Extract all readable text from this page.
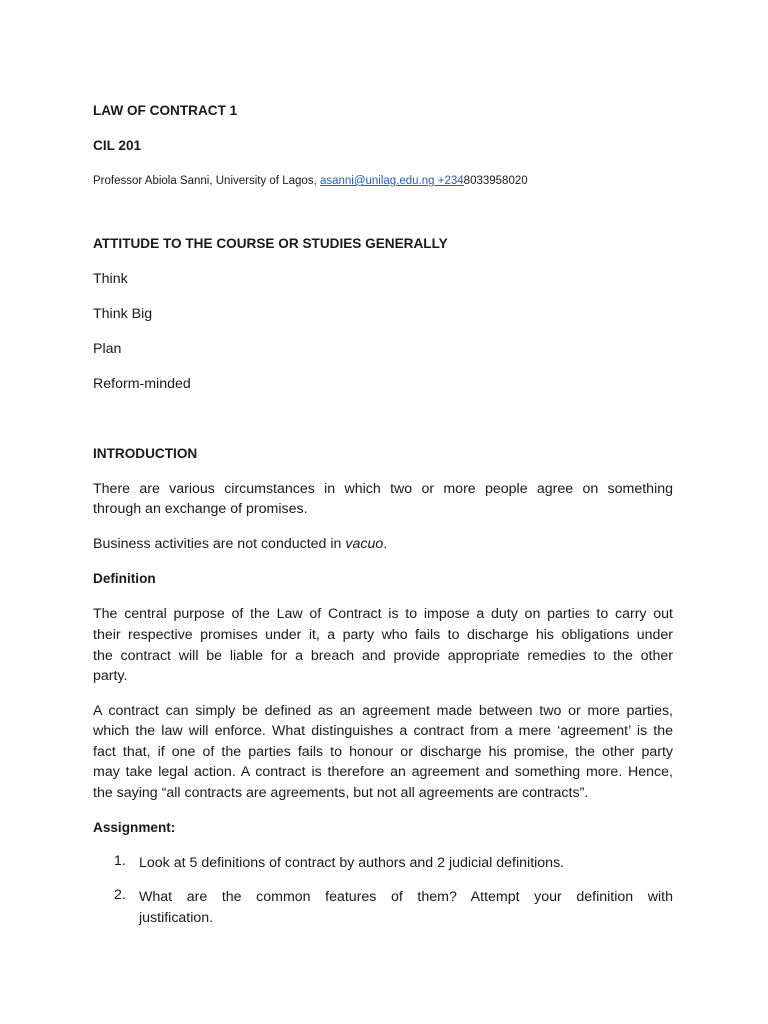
LAW OF CONTRACT 1
CIL 201
Professor Abiola Sanni, University of Lagos, asanni@unilag.edu.ng +2348033958020
ATTITUDE TO THE COURSE OR STUDIES GENERALLY
Think
Think Big
Plan
Reform-minded
INTRODUCTION
There are various circumstances in which two or more people agree on something
through an exchange of promises.
Business activities are not conducted in vacuo.
Definition
The central purpose of the Law of Contract is to impose a duty on parties to carry out
their respective promises under it, a party who fails to discharge his obligations under
the contract will be liable for a breach and provide appropriate remedies to the other
party.
A contract can simply be defined as an agreement made between two or more parties,
which the law will enforce. What distinguishes a contract from a mere ‘agreement’ is the
fact that, if one of the parties fails to honour or discharge his promise, the other party
may take legal action. A contract is therefore an agreement and something more. Hence,
the saying “all contracts are agreements, but not all agreements are contracts”.
Assignment:
1. Look at 5 definitions of contract by authors and 2 judicial definitions.
2. What are the common features of them? Attempt your definition with
justification.
